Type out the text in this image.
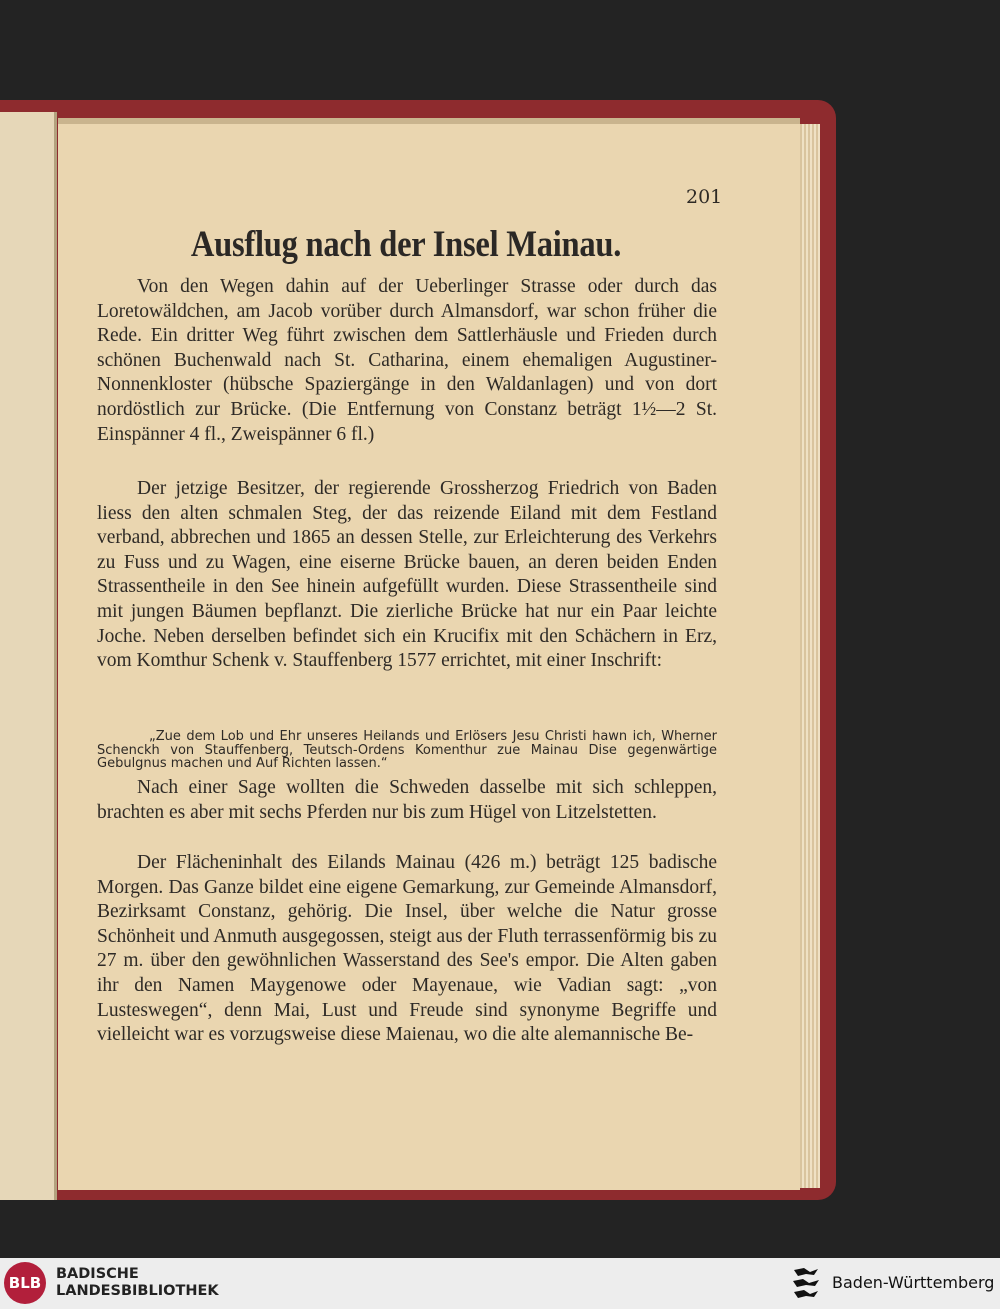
201
Ausflug nach der Insel Mainau.

Von den Wegen dahin auf der Ueberlinger Strasse oder durch das Loretowäldchen, am Jacob vorüber durch Almansdorf, war schon früher die Rede. Ein dritter Weg führt zwischen dem Sattlerhäusle und Frieden durch schönen Buchenwald nach St. Catharina, einem ehemaligen Augustiner-Nonnenkloster (hübsche Spaziergänge in den Waldanlagen) und von dort nordöstlich zur Brücke. (Die Entfernung von Constanz beträgt 1½—2 St. Einspänner 4 fl., Zweispänner 6 fl.)

Der jetzige Besitzer, der regierende Grossherzog Friedrich von Baden liess den alten schmalen Steg, der das reizende Eiland mit dem Festland verband, abbrechen und 1865 an dessen Stelle, zur Erleichterung des Verkehrs zu Fuss und zu Wagen, eine eiserne Brücke bauen, an deren beiden Enden Strassentheile in den See hinein aufgefüllt wurden. Diese Strassentheile sind mit jungen Bäumen bepflanzt. Die zierliche Brücke hat nur ein Paar leichte Joche. Neben derselben befindet sich ein Krucifix mit den Schächern in Erz, vom Komthur Schenk v. Stauffenberg 1577 errichtet, mit einer Inschrift:

„Zue dem Lob und Ehr unseres Heilands und Erlösers Jesu Christi hawn ich, Wherner Schenckh von Stauffenberg, Teutsch-Ordens Komenthur zue Mainau Dise gegenwärtige Gebulgnus machen und Auf Richten lassen.“

Nach einer Sage wollten die Schweden dasselbe mit sich schleppen, brachten es aber mit sechs Pferden nur bis zum Hügel von Litzelstetten.

Der Flächeninhalt des Eilands Mainau (426 m.) beträgt 125 badische Morgen. Das Ganze bildet eine eigene Gemarkung, zur Gemeinde Almansdorf, Bezirksamt Constanz, gehörig. Die Insel, über welche die Natur grosse Schönheit und Anmuth ausgegossen, steigt aus der Fluth terrassenförmig bis zu 27 m. über den gewöhnlichen Wasserstand des See's empor. Die Alten gaben ihr den Namen Maygenowe oder Mayenaue, wie Vadian sagt: „von Lusteswegen“, denn Mai, Lust und Freude sind synonyme Begriffe und vielleicht war es vorzugsweise diese Maienau, wo die alte alemannische Be-

BLB	BADISCHE
LANDESBIBLIOTHEK	Baden-Württemberg
